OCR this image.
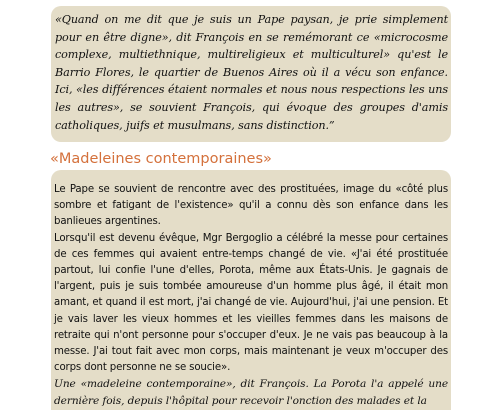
«Quand on me dit que je suis un Pape paysan, je prie simplement pour en être digne», dit François en se remémorant ce «microcosme complexe, multiethnique, multireligieux et multiculturel» qu'est le Barrio Flores, le quartier de Buenos Aires où il a vécu son enfance. Ici, «les différences étaient normales et nous nous respections les uns les autres», se souvient François, qui évoque des groupes d'amis catholiques, juifs et musulmans, sans distinction.”

«Madeleines contemporaines»

Le Pape se souvient de rencontre avec des prostituées, image du «côté plus sombre et fatigant de l'existence» qu'il a connu dès son enfance dans les banlieues argentines.

Lorsqu'il est devenu évêque, Mgr Bergoglio a célébré la messe pour certaines de ces femmes qui avaient entre-temps changé de vie. «J'ai été prostituée partout, lui confie l'une d'elles, Porota, même aux États-Unis. Je gagnais de l'argent, puis je suis tombée amoureuse d'un homme plus âgé, il était mon amant, et quand il est mort, j'ai changé de vie. Aujourd'hui, j'ai une pension. Et je vais laver les vieux hommes et les vieilles femmes dans les maisons de retraite qui n'ont personne pour s'occuper d'eux. Je ne vais pas beaucoup à la messe. J'ai tout fait avec mon corps, mais maintenant je veux m'occuper des corps dont personne ne se soucie».

Une «madeleine contemporaine», dit François. La Porota l'a appelé une dernière fois, depuis l'hôpital pour recevoir l'onction des malades et la
